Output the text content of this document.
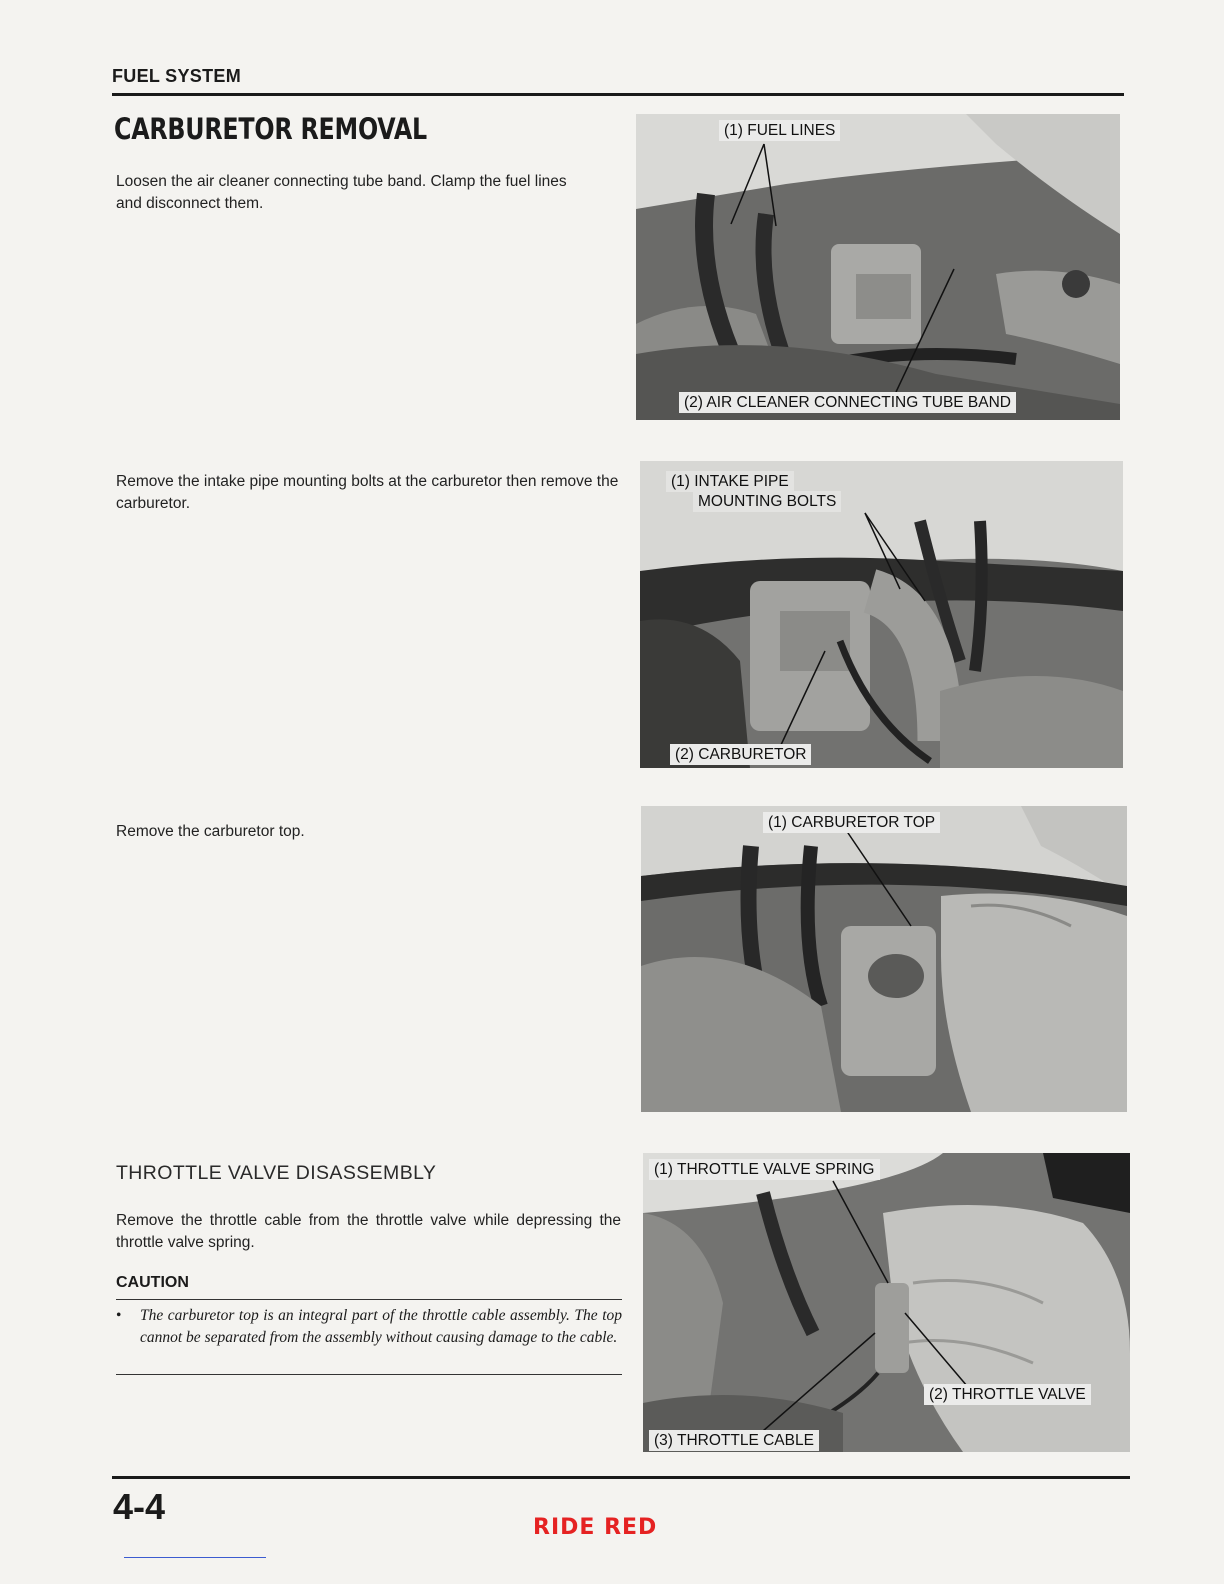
FUEL SYSTEM
CARBURETOR REMOVAL
Loosen the air cleaner connecting tube band. Clamp the fuel lines and disconnect them.
Remove the intake pipe mounting bolts at the carburetor then remove the carburetor.
Remove the carburetor top.
THROTTLE VALVE DISASSEMBLY
Remove the throttle cable from the throttle valve while depressing the throttle valve spring.
CAUTION
•	The carburetor top is an integral part of the throttle cable assembly. The top cannot be separated from the assembly without causing damage to the cable.
(1) FUEL LINES
(2) AIR CLEANER CONNECTING TUBE BAND
(1) INTAKE PIPE
MOUNTING BOLTS
(2) CARBURETOR
(1) CARBURETOR TOP
(1) THROTTLE VALVE SPRING
(2) THROTTLE VALVE
(3) THROTTLE CABLE
4-4
RIDE RED
